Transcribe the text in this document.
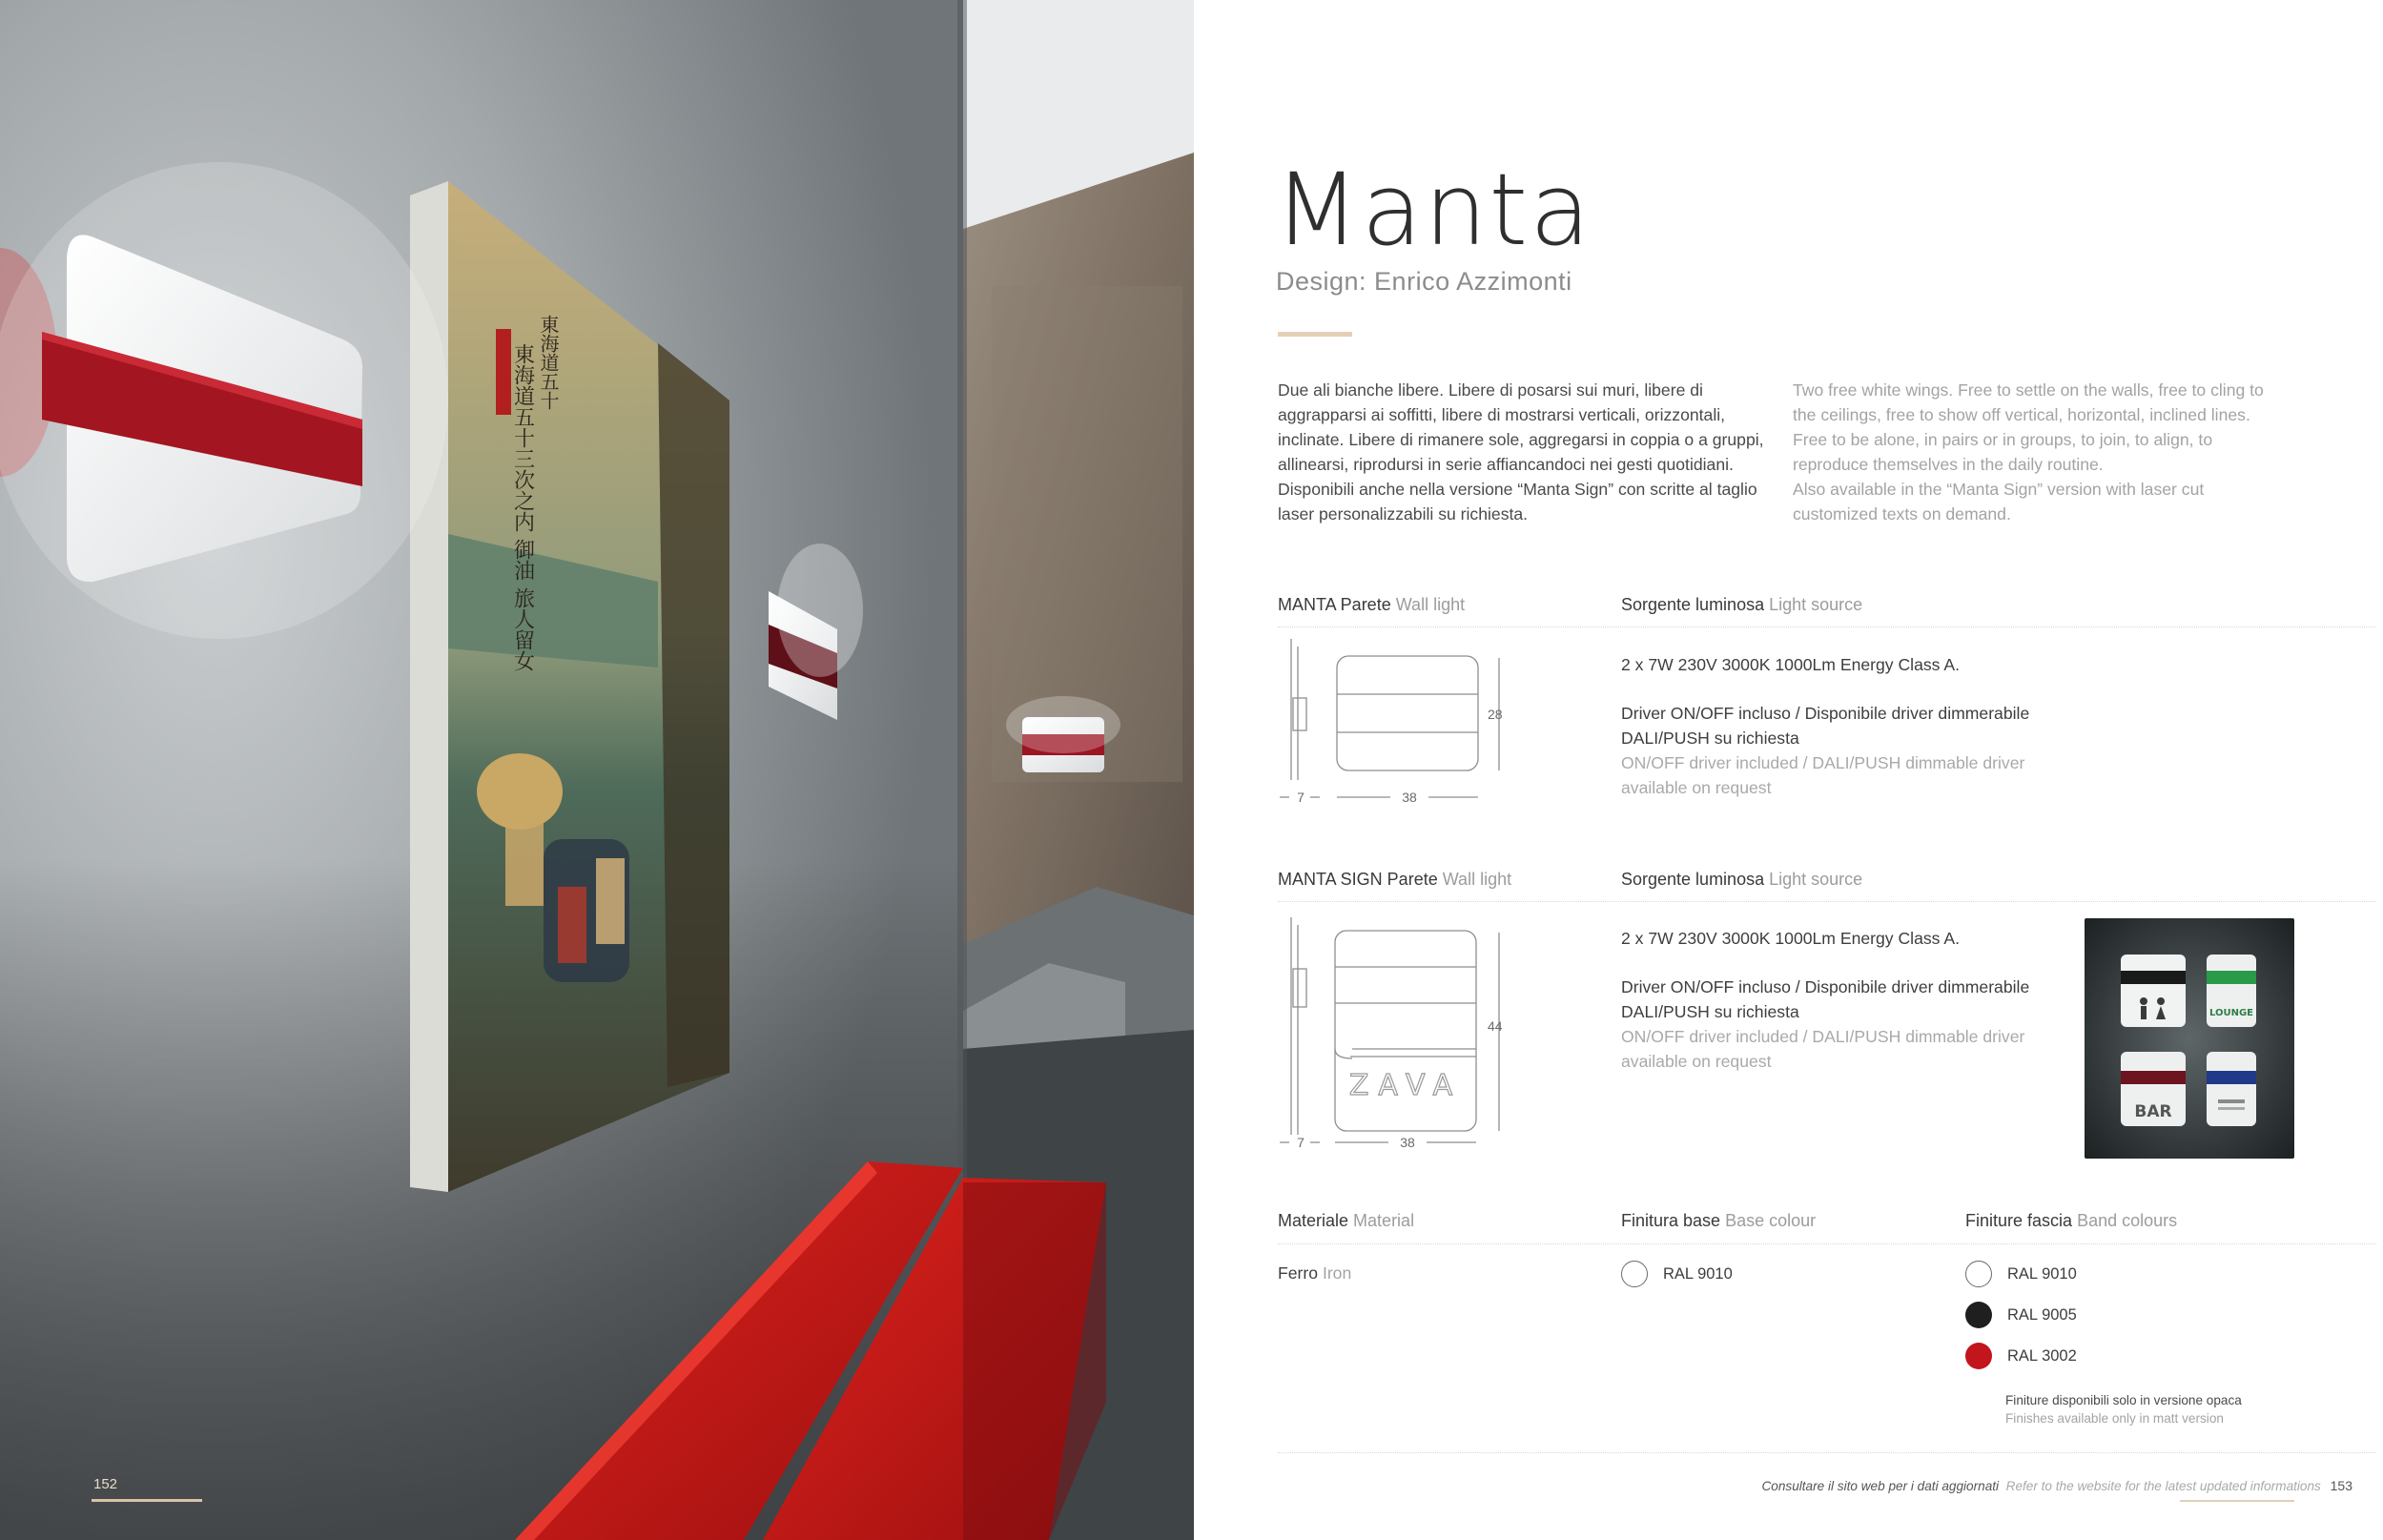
東海道五十三次之内 御油 旅人留女 東海道五十
152
Manta
Design: Enrico Azzimonti
Due ali bianche libere. Libere di posarsi sui muri, libere di aggrapparsi ai soffitti, libere di mostrarsi verticali, orizzontali, inclinate. Libere di rimanere sole, aggregarsi in coppia o a gruppi, allinearsi, riprodursi in serie affiancandoci nei gesti quotidiani. Disponibili anche nella versione “Manta Sign” con scritte al taglio laser personalizzabili su richiesta.
Two free white wings. Free to settle on the walls, free to cling to the ceilings, free to show off vertical, horizontal, inclined lines. Free to be alone, in pairs or in groups, to join, to align, to reproduce themselves in the daily routine.
Also available in the “Manta Sign” version with laser cut customized texts on demand.
MANTA Parete Wall light	Sorgente luminosa Light source
7	38
28
2 x 7W 230V 3000K 1000Lm Energy Class A.
Driver ON/OFF incluso / Disponibile driver dimmerabile DALI/PUSH su richiesta
ON/OFF driver included / DALI/PUSH dimmable driver available on request
MANTA SIGN Parete Wall light	Sorgente luminosa Light source
ZAVA
7	38
44
2 x 7W 230V 3000K 1000Lm Energy Class A.
Driver ON/OFF incluso / Disponibile driver dimmerabile DALI/PUSH su richiesta
ON/OFF driver included / DALI/PUSH dimmable driver available on request
LOUNGE
BAR
Materiale Material	Finitura base Base colour	Finiture fascia Band colours
Ferro Iron	RAL 9010	RAL 9010
RAL 9005
RAL 3002
Finiture disponibili solo in versione opaca
Finishes available only in matt version
Consultare il sito web per i dati aggiornati Refer to the website for the latest updated informations 153
